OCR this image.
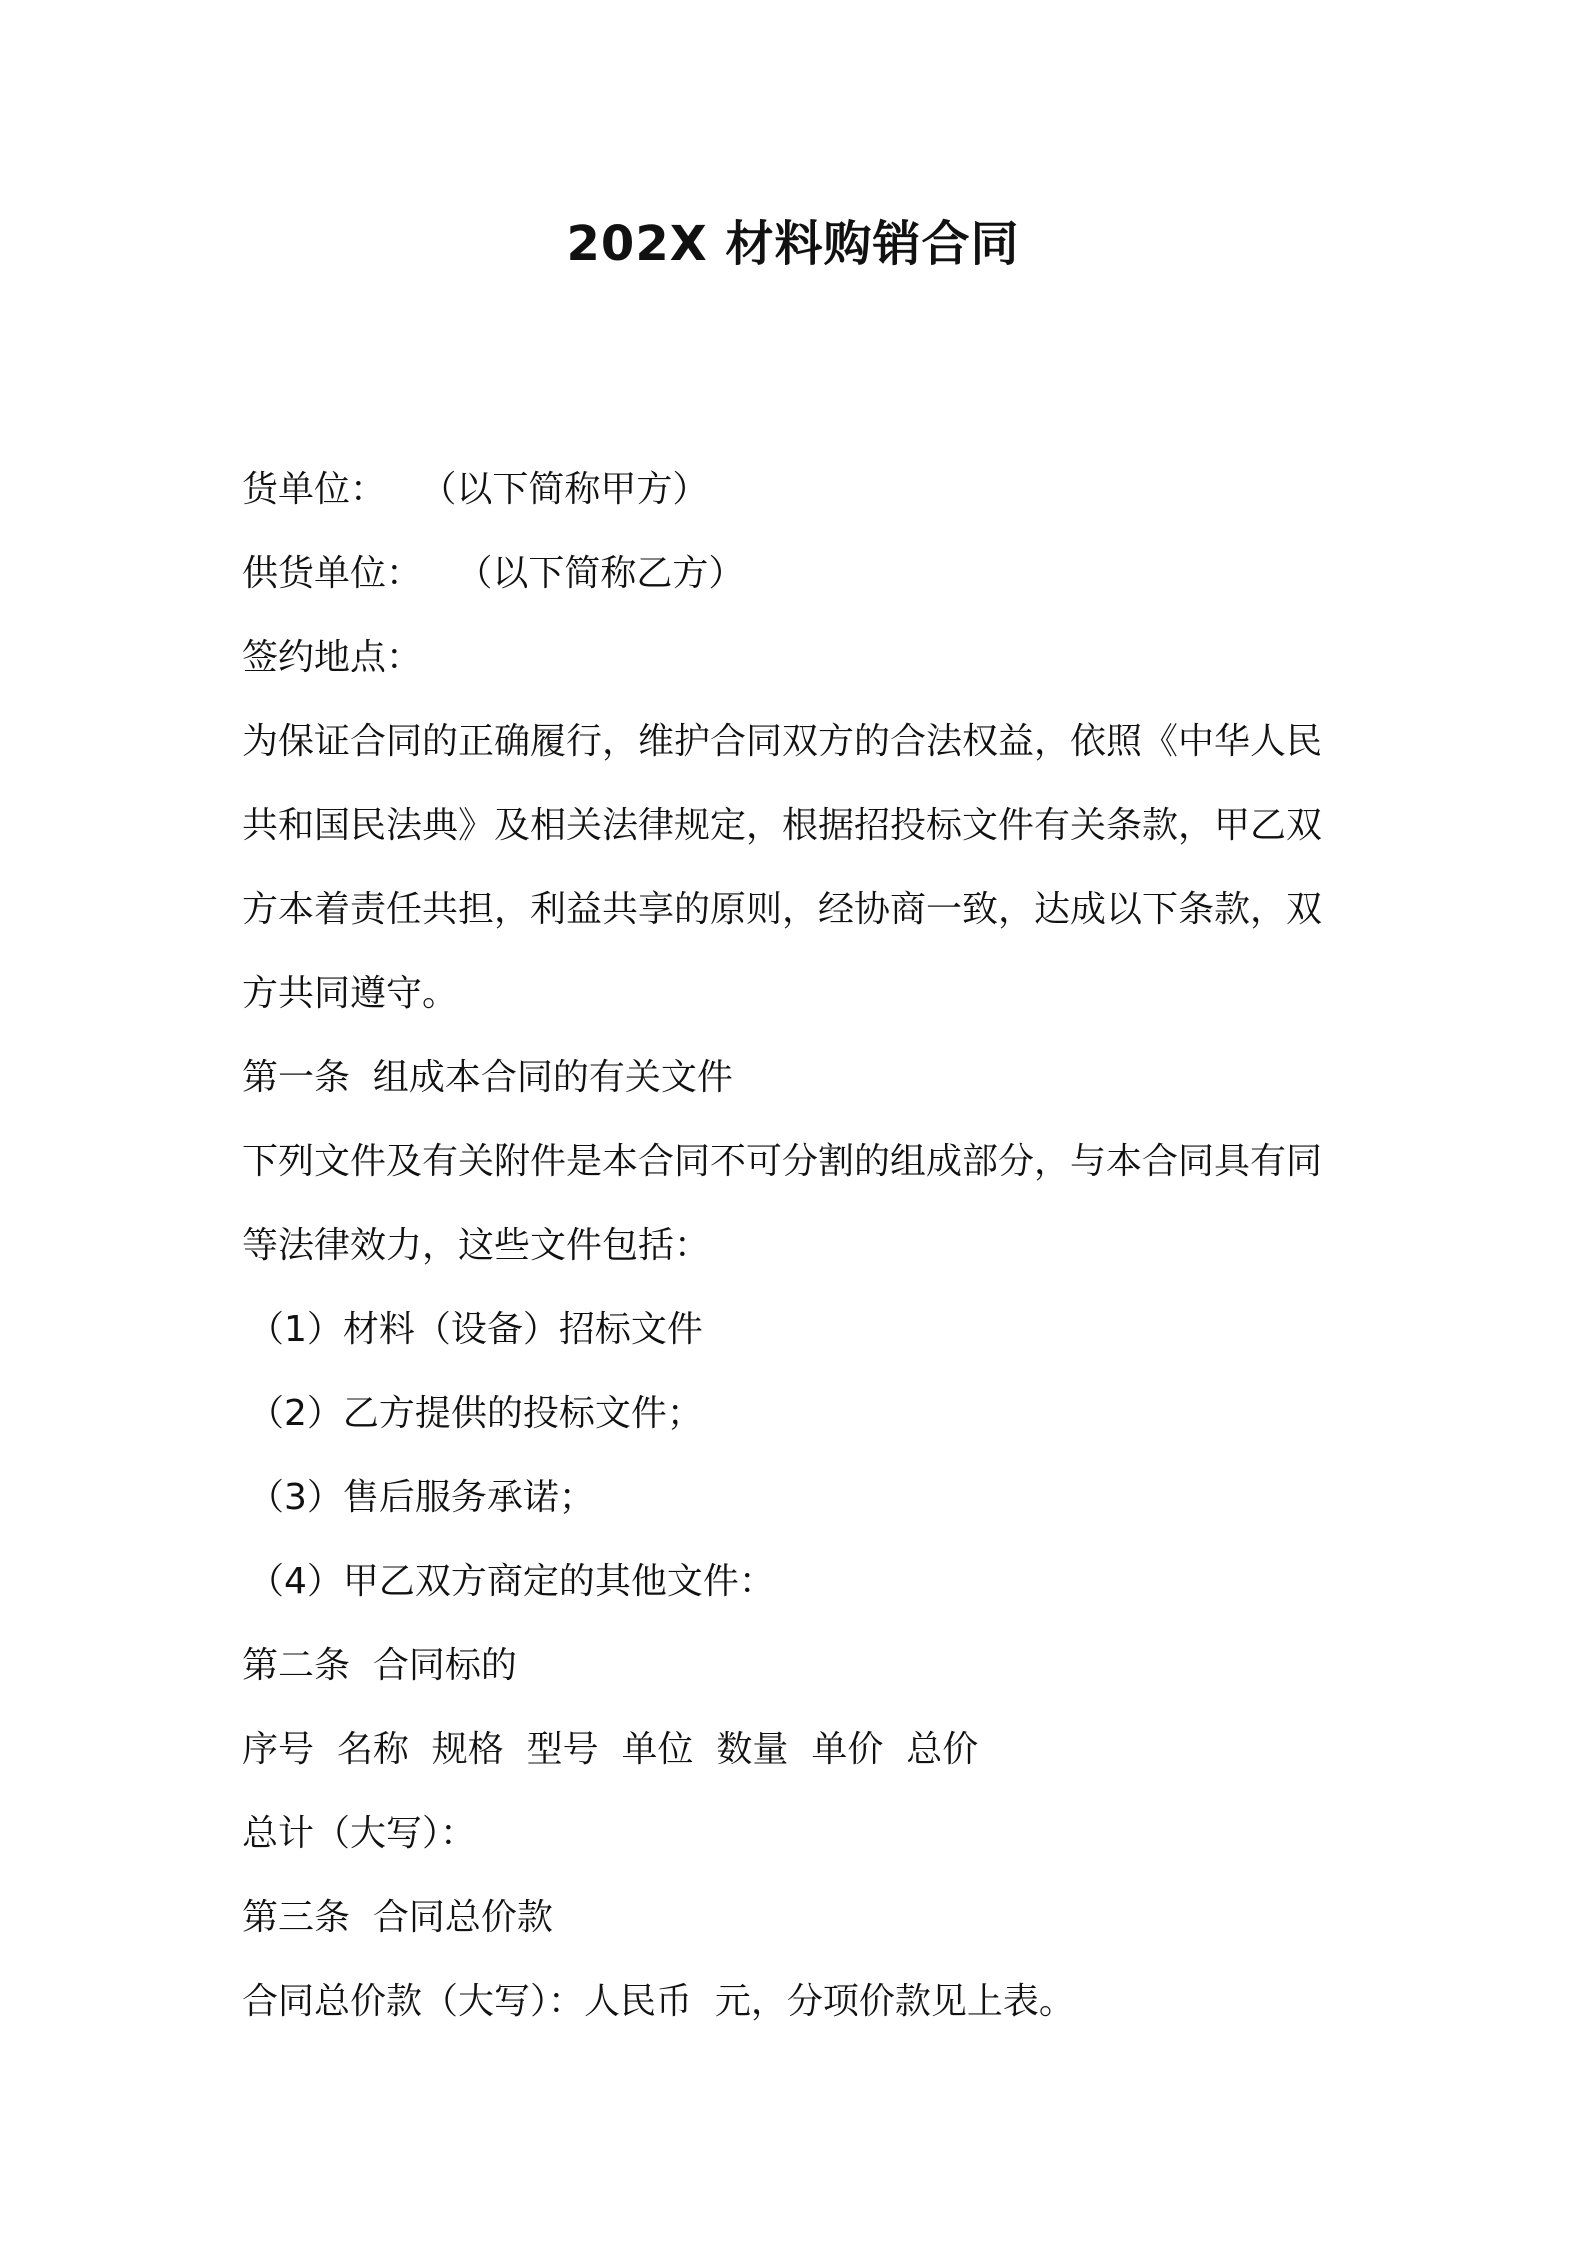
202X 材料购销合同
货单位：   （以下简称甲方）
供货单位：   （以下简称乙方）
签约地点：
为保证合同的正确履行，维护合同双方的合法权益，依照《中华人民
共和国民法典》及相关法律规定，根据招投标文件有关条款，甲乙双
方本着责任共担，利益共享的原则，经协商一致，达成以下条款，双
方共同遵守。
第一条  组成本合同的有关文件
下列文件及有关附件是本合同不可分割的组成部分，与本合同具有同
等法律效力，这些文件包括：
（1）材料（设备）招标文件
（2）乙方提供的投标文件；
（3）售后服务承诺；
（4）甲乙双方商定的其他文件：
第二条  合同标的
序号  名称  规格  型号  单位  数量  单价  总价
总计（大写）：
第三条  合同总价款
合同总价款（大写）：人民币  元，分项价款见上表。
